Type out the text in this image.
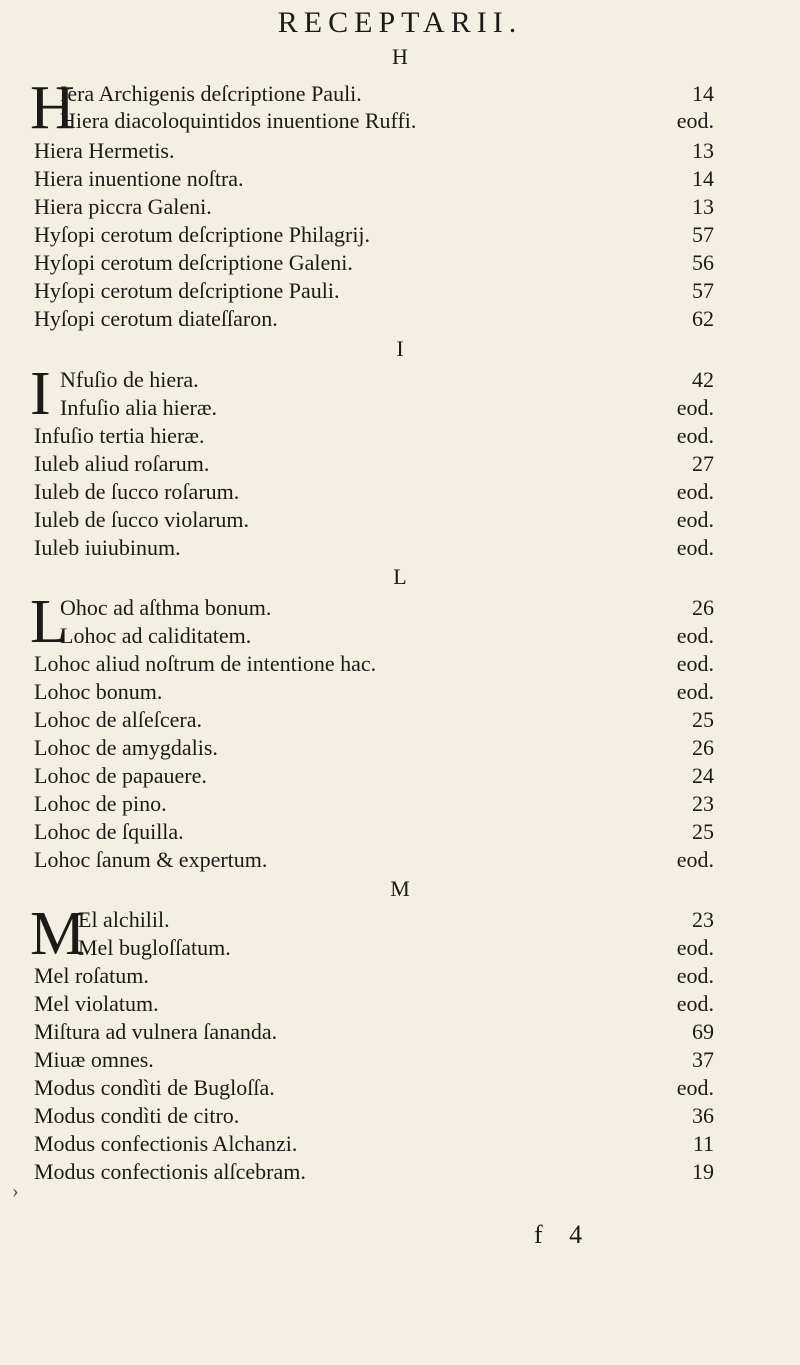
RECEPTARII.
H
H
Iera Archigenis deſcriptione Pauli.	14
Hiera diacoloquintidos inuentione Ruffi.	eod.
Hiera Hermetis.	13
Hiera inuentione noſtra.	14
Hiera piccra Galeni.	13
Hyſopi cerotum deſcriptione Philagrij.	57
Hyſopi cerotum deſcriptione Galeni.	56
Hyſopi cerotum deſcriptione Pauli.	57
Hyſopi cerotum diateſſaron.	62
I
I Nfuſio de hiera.	42
Infuſio alia hieræ.	eod.
Infuſio tertia hieræ.	eod.
Iuleb aliud roſarum.	27
Iuleb de ſucco roſarum.	eod.
Iuleb de ſucco violarum.	eod.
Iuleb iuiubinum.	eod.
L
L
Ohoc ad aſthma bonum.	26
Lohoc ad caliditatem.	eod.
Lohoc aliud noſtrum de intentione hac.	eod.
Lohoc bonum.	eod.
Lohoc de alſeſcera.	25
Lohoc de amygdalis.	26
Lohoc de papauere.	24
Lohoc de pino.	23
Lohoc de ſquilla.	25
Lohoc ſanum & expertum.	eod.
M
M
El alchilil.	23
Mel bugloſſatum.	eod.
Mel roſatum.	eod.
Mel violatum.	eod.
Miſtura ad vulnera ſananda.	69
Miuæ omnes.	37
Modus condìti de Bugloſſa.	eod.
Modus condìti de citro.	36
Modus confectionis Alchanzi.	11
Modus confectionis alſcebram.	19
›
f 4
